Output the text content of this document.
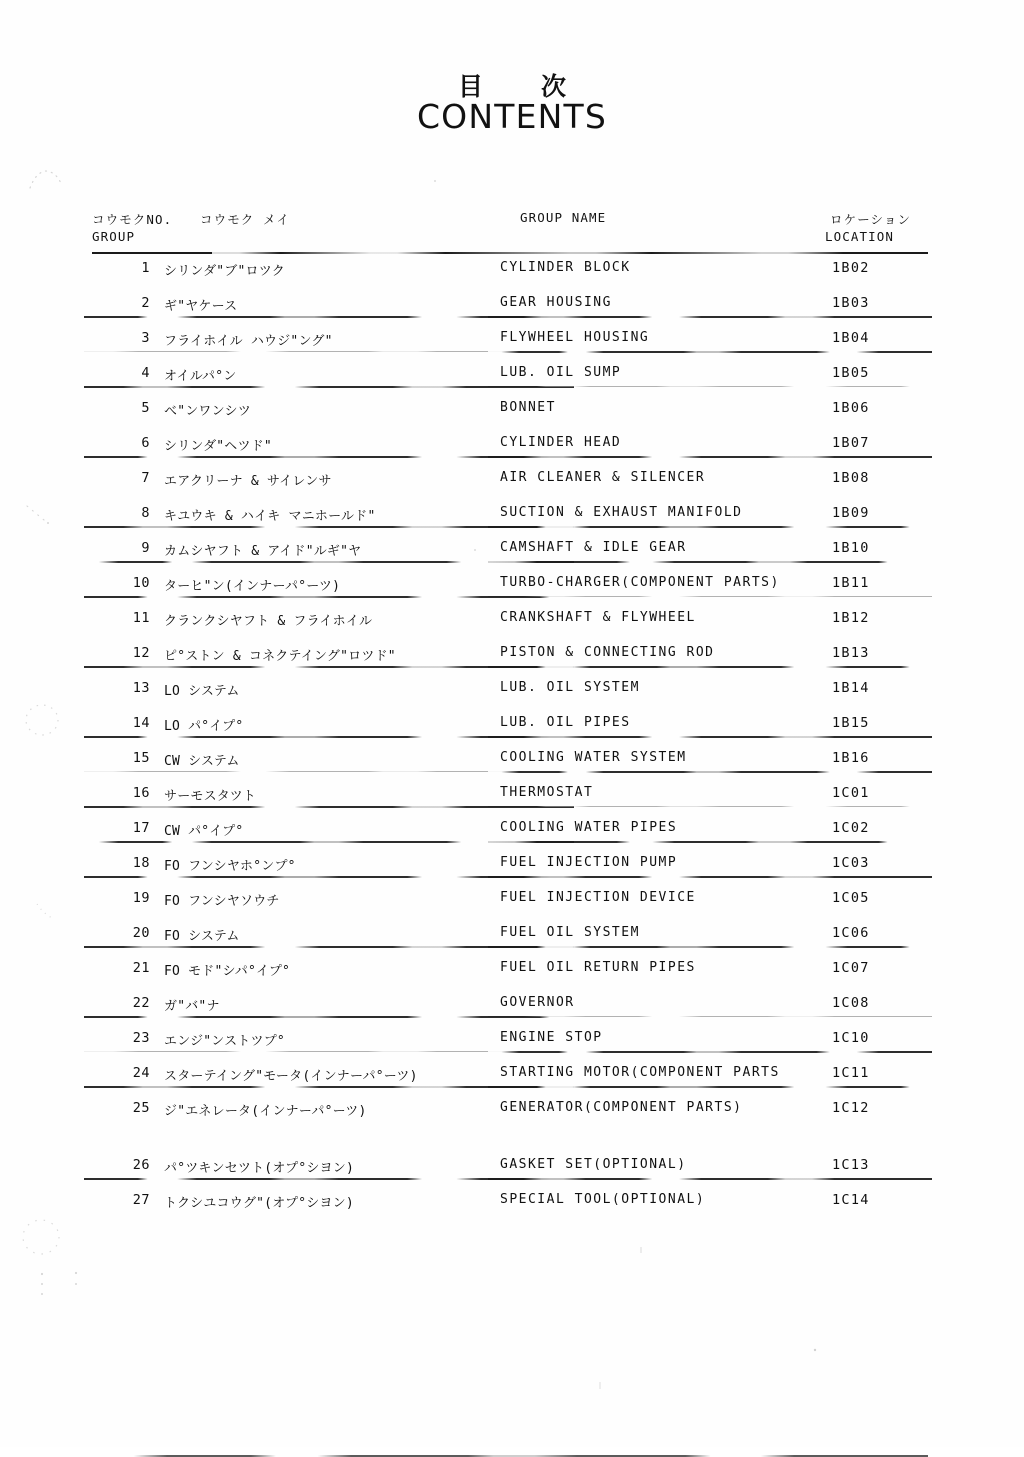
目次
CONTENTS
コウモクNO.
GROUP
コウモク メイ	GROUP NAME	ロケーション
LOCATION
1 シリンダ"ブ"ロツク	CYLINDER BLOCK	1B02
2 ギ"ヤケース	GEAR HOUSING	1B03
3 フライホイル ハウジ"ング"	FLYWHEEL HOUSING	1B04
4 オイルパ°ン	LUB. OIL SUMP	1B05
5 ベ"ンワンシツ	BONNET	1B06
6 シリンダ"ヘツド"	CYLINDER HEAD	1B07
7 エアクリーナ & サイレンサ	AIR CLEANER & SILENCER	1B08
8 キユウキ & ハイキ マニホールド"	SUCTION & EXHAUST MANIFOLD	1B09
9 カムシヤフト & アイド"ルギ"ヤ	CAMSHAFT & IDLE GEAR	1B10
10 ターヒ"ン(インナーパ°ーツ)	TURBO-CHARGER(COMPONENT PARTS)	1B11
11 クランクシヤフト & フライホイル	CRANKSHAFT & FLYWHEEL	1B12
12 ピ°ストン & コネクテイング"ロツド"	PISTON & CONNECTING ROD	1B13
13 LO システム	LUB. OIL SYSTEM	1B14
14 LO パ°イプ°	LUB. OIL PIPES	1B15
15 CW システム	COOLING WATER SYSTEM	1B16
16 サーモスタツト	THERMOSTAT	1C01
17 CW パ°イプ°	COOLING WATER PIPES	1C02
18 FO フンシヤホ°ンプ°	FUEL INJECTION PUMP	1C03
19 FO フンシヤソウチ	FUEL INJECTION DEVICE	1C05
20 FO システム	FUEL OIL SYSTEM	1C06
21 FO モド"シパ°イプ°	FUEL OIL RETURN PIPES	1C07
22 ガ"バ"ナ	GOVERNOR	1C08
23 エンジ"ンストツプ°	ENGINE STOP	1C10
24 スターテイング"モータ(インナーパ°ーツ)	STARTING MOTOR(COMPONENT PARTS	1C11
25 ジ"エネレータ(インナーパ°ーツ)	GENERATOR(COMPONENT PARTS)	1C12
26 パ°ツキンセツト(オプ°シヨン)	GASKET SET(OPTIONAL)	1C13
27 トクシユコウグ"(オプ°シヨン)	SPECIAL TOOL(OPTIONAL)	1C14
